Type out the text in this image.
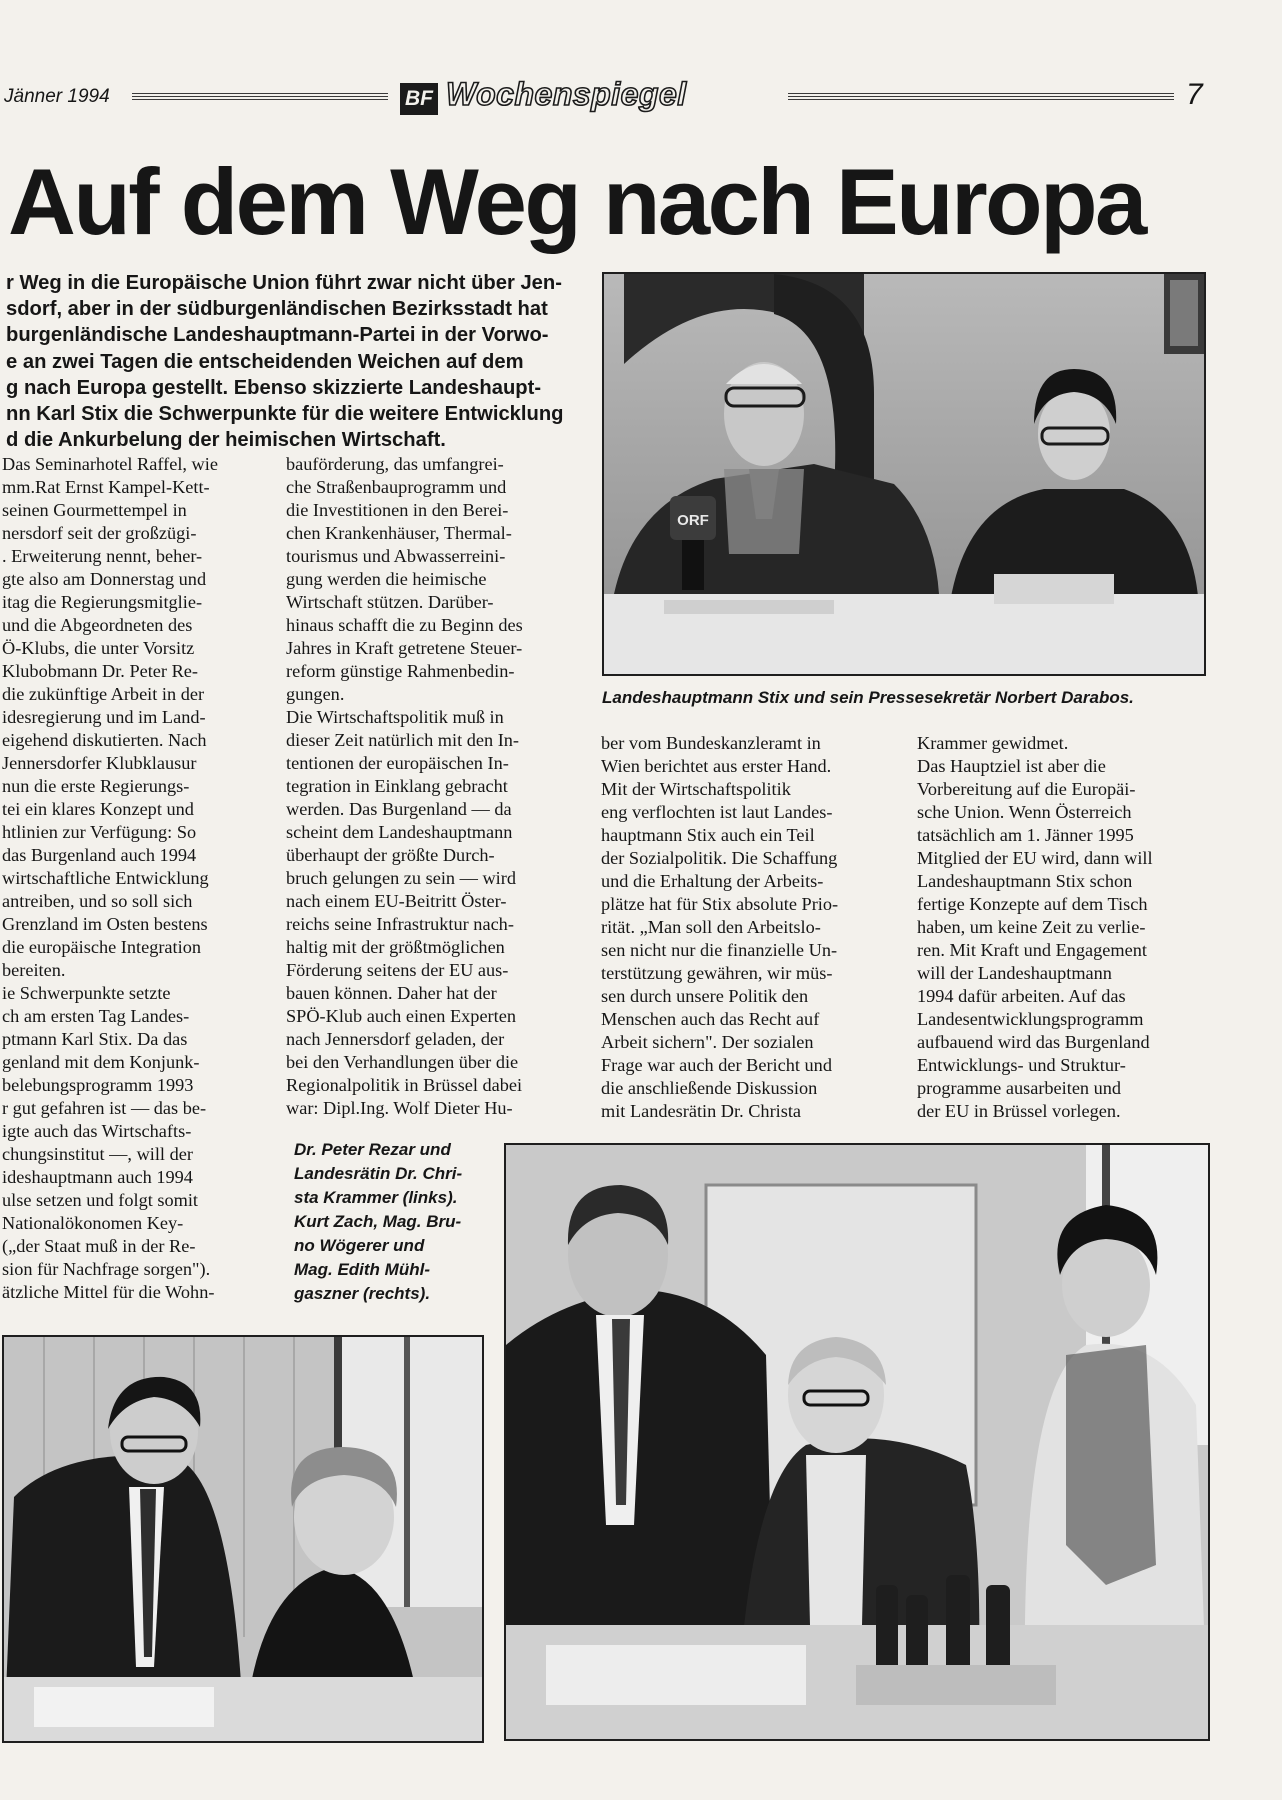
Jänner 1994	BF Wochenspiegel	7
Auf dem Weg nach Europa

r Weg in die Europäische Union führt zwar nicht über Jen-

sdorf, aber in der südburgenländischen Bezirksstadt hat

burgenländische Landeshauptmann-Partei in der Vorwo-

e an zwei Tagen die entscheidenden Weichen auf dem

g nach Europa gestellt. Ebenso skizzierte Landeshaupt-

nn Karl Stix die Schwerpunkte für die weitere Entwicklung

d die Ankurbelung der heimischen Wirtschaft.

Das Seminarhotel Raffel, wie

mm.Rat Ernst Kampel-Kett-

seinen Gourmettempel in

nersdorf seit der großzügi-

. Erweiterung nennt, beher-

gte also am Donnerstag und

itag die Regierungsmitglie-

und die Abgeordneten des

Ö-Klubs, die unter Vorsitz

Klubobmann Dr. Peter Re-

die zukünftige Arbeit in der

idesregierung und im Land-

eigehend diskutierten. Nach

Jennersdorfer Klubklausur

nun die erste Regierungs-

tei ein klares Konzept und

htlinien zur Verfügung: So

das Burgenland auch 1994

wirtschaftliche Entwicklung

antreiben, und so soll sich

Grenzland im Osten bestens

die europäische Integration

bereiten.

ie Schwerpunkte setzte

ch am ersten Tag Landes-

ptmann Karl Stix. Da das

genland mit dem Konjunk-

belebungsprogramm 1993

r gut gefahren ist — das be-

igte auch das Wirtschafts-

chungsinstitut —, will der

ideshauptmann auch 1994

ulse setzen und folgt somit

Nationalökonomen Key-

(„der Staat muß in der Re-

sion für Nachfrage sorgen").

ätzliche Mittel für die Wohn-

bauförderung, das umfangrei-

che Straßenbauprogramm und

die Investitionen in den Berei-

chen Krankenhäuser, Thermal-

tourismus und Abwasserreini-

gung werden die heimische

Wirtschaft stützen. Darüber-

hinaus schafft die zu Beginn des

Jahres in Kraft getretene Steuer-

reform günstige Rahmenbedin-

gungen.

Die Wirtschaftspolitik muß in

dieser Zeit natürlich mit den In-

tentionen der europäischen In-

tegration in Einklang gebracht

werden. Das Burgenland — da

scheint dem Landeshauptmann

überhaupt der größte Durch-

bruch gelungen zu sein — wird

nach einem EU-Beitritt Öster-

reichs seine Infrastruktur nach-

haltig mit der größtmöglichen

Förderung seitens der EU aus-

bauen können. Daher hat der

SPÖ-Klub auch einen Experten

nach Jennersdorf geladen, der

bei den Verhandlungen über die

Regionalpolitik in Brüssel dabei

war: Dipl.Ing. Wolf Dieter Hu-

ber vom Bundeskanzleramt in

Wien berichtet aus erster Hand.

Mit der Wirtschaftspolitik

eng verflochten ist laut Landes-

hauptmann Stix auch ein Teil

der Sozialpolitik. Die Schaffung

und die Erhaltung der Arbeits-

plätze hat für Stix absolute Prio-

rität. „Man soll den Arbeitslo-

sen nicht nur die finanzielle Un-

terstützung gewähren, wir müs-

sen durch unsere Politik den

Menschen auch das Recht auf

Arbeit sichern". Der sozialen

Frage war auch der Bericht und

die anschließende Diskussion

mit Landesrätin Dr. Christa

Krammer gewidmet.

Das Hauptziel ist aber die

Vorbereitung auf die Europäi-

sche Union. Wenn Österreich

tatsächlich am 1. Jänner 1995

Mitglied der EU wird, dann will

Landeshauptmann Stix schon

fertige Konzepte auf dem Tisch

haben, um keine Zeit zu verlie-

ren. Mit Kraft und Engagement

will der Landeshauptmann

1994 dafür arbeiten. Auf das

Landesentwicklungsprogramm

aufbauend wird das Burgenland

Entwicklungs- und Struktur-

programme ausarbeiten und

der EU in Brüssel vorlegen.

ORF
Landeshauptmann Stix und sein Pressesekretär Norbert Darabos.

Dr. Peter Rezar und

Landesrätin Dr. Chri-

sta Krammer (links).

Kurt Zach, Mag. Bru-

no Wögerer und

Mag. Edith Mühl-

gaszner (rechts).
